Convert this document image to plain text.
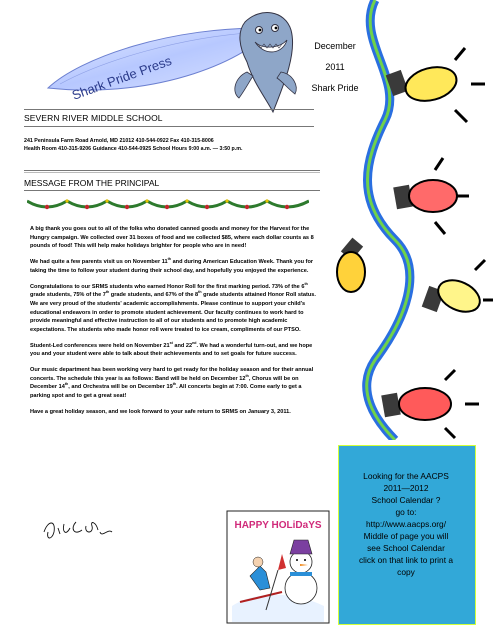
Shark Pride Press
December
2011
Shark Pride
SEVERN RIVER MIDDLE SCHOOL
241 Peninsula Farm Road Arnold, MD 21012 410-544-0922 Fax 410-315-8006
Health Room 410-315-9206 Guidance 410-544-0925 School Hours 9:00 a.m. — 3:50 p.m.
MESSAGE FROM THE PRINCIPAL

A big thank you goes out to all of the folks who donated canned goods and money for the Harvest for the Hungry campaign. We collected over 31 boxes of food and we collected $85, where each dollar counts as 8 pounds of food! This will help make holidays brighter for people who are in need!

We had quite a few parents visit us on November 11th and during American Education Week. Thank you for taking the time to follow your student during their school day, and hopefully you enjoyed the experience.

Congratulations to our SRMS students who earned Honor Roll for the first marking period. 73% of the 6th grade students, 75% of the 7th grade students, and 67% of the 8th grade students attained Honor Roll status. We are very proud of the students' academic accomplishments. Please continue to support your child's educational endeavors in order to promote student achievement. Our faculty continues to work hard to provide meaningful and effective instruction to all of our students and to promote high academic expectations. The students who made honor roll were treated to ice cream, compliments of our PTSO.

Student-Led conferences were held on November 21st and 22nd. We had a wonderful turn-out, and we hope you and your student were able to talk about their achievements and to set goals for future success.

Our music department has been working very hard to get ready for the holiday season and for their annual concerts. The schedule this year is as follows: Band will be held on December 12th, Chorus will be on December 14th, and Orchestra will be on December 19th. All concerts begin at 7:00. Come early to get a parking spot and to get a great seat!

Have a great holiday season, and we look forward to your safe return to SRMS on January 3, 2011.

HAPPY HOLiDaYS
Looking for the AACPS
2011—2012
School Calendar ?
go to:
http://www.aacps.org/
Middle of page you will
see School Calendar
click on that link to print a
copy
